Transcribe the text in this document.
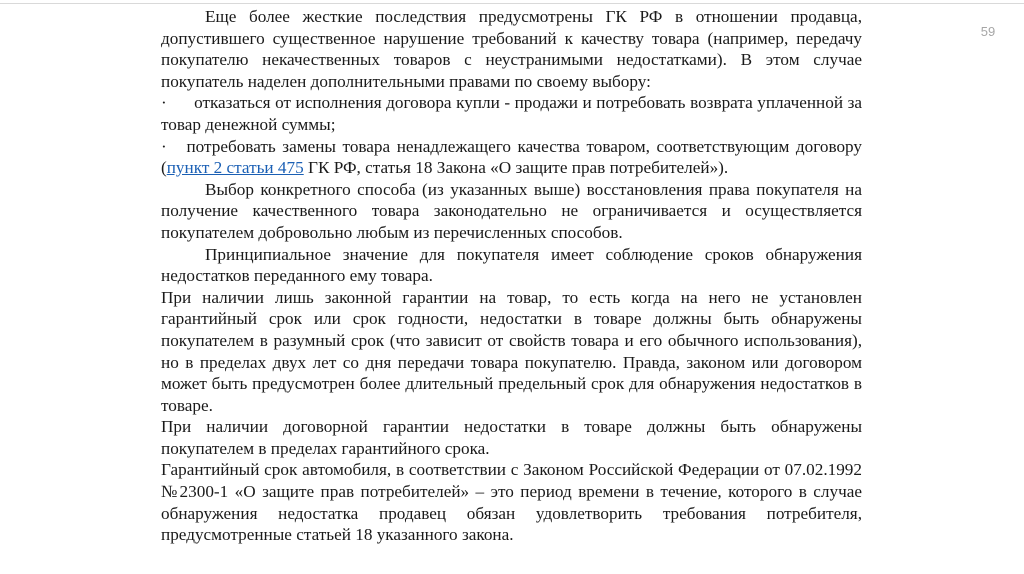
59

Еще более жесткие последствия предусмотрены ГК РФ в отношении продавца, допустившего существенное нарушение требований к качеству товара (например, передачу покупателю некачественных товаров с неустранимыми недостатками). В этом случае покупатель наделен дополнительными правами по своему выбору:

· отказаться от исполнения договора купли - продажи и потребовать возврата уплаченной за товар денежной суммы;

· потребовать замены товара ненадлежащего качества товаром, соответствующим договору (пункт 2 статьи 475 ГК РФ, статья 18 Закона «О защите прав потребителей»).

Выбор конкретного способа (из указанных выше) восстановления права покупателя на получение качественного товара законодательно не ограничивается и осуществляется покупателем добровольно любым из перечисленных способов.

Принципиальное значение для покупателя имеет соблюдение сроков обнаружения недостатков переданного ему товара.

При наличии лишь законной гарантии на товар, то есть когда на него не установлен гарантийный срок или срок годности, недостатки в товаре должны быть обнаружены покупателем в разумный срок (что зависит от свойств товара и его обычного использования), но в пределах двух лет со дня передачи товара покупателю. Правда, законом или договором может быть предусмотрен более длительный предельный срок для обнаружения недостатков в товаре.

При наличии договорной гарантии недостатки в товаре должны быть обнаружены покупателем в пределах гарантийного срока.

Гарантийный срок автомобиля, в соответствии с Законом Российской Федерации от 07.02.1992 №2300-1 «О защите прав потребителей» – это период времени в течение, которого в случае обнаружения недостатка продавец обязан удовлетворить требования потребителя, предусмотренные статьей 18 указанного закона.
